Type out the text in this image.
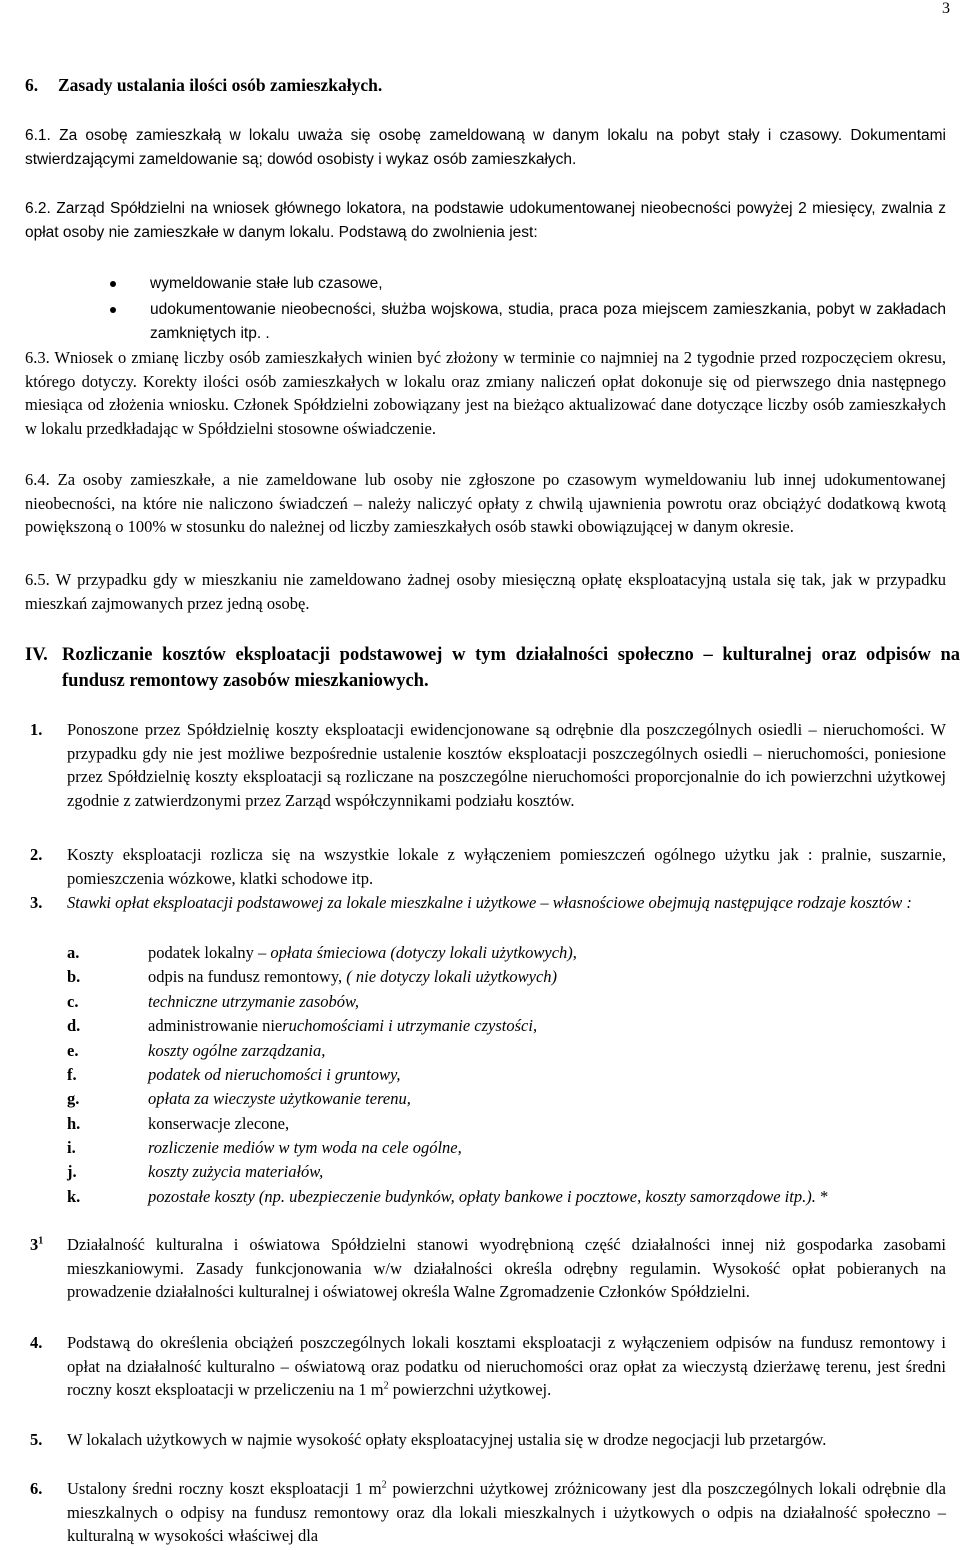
3
6. Zasady ustalania ilości osób zamieszkałych.
6.1. Za osobę zamieszkałą w lokalu uważa się osobę zameldowaną w danym lokalu na pobyt stały i czasowy. Dokumentami stwierdzającymi zameldowanie są; dowód osobisty i wykaz osób zamieszkałych.
6.2. Zarząd Spółdzielni na wniosek głównego lokatora, na podstawie udokumentowanej nieobecności powyżej 2 miesięcy, zwalnia z opłat osoby nie zamieszkałe w danym lokalu. Podstawą do zwolnienia jest:
wymeldowanie stałe lub czasowe,
udokumentowanie nieobecności, służba wojskowa, studia, praca poza miejscem zamieszkania, pobyt w zakładach zamkniętych itp. .
6.3. Wniosek o zmianę liczby osób zamieszkałych winien być złożony w terminie co najmniej na 2 tygodnie przed rozpoczęciem okresu, którego dotyczy. Korekty ilości osób zamieszkałych w lokalu oraz zmiany naliczeń opłat dokonuje się od pierwszego dnia następnego miesiąca od złożenia wniosku. Członek Spółdzielni zobowiązany jest na bieżąco aktualizować dane dotyczące liczby osób zamieszkałych w lokalu przedkładając w Spółdzielni stosowne oświadczenie.
6.4. Za osoby zamieszkałe, a nie zameldowane lub osoby nie zgłoszone po czasowym wymeldowaniu lub innej udokumentowanej nieobecności, na które nie naliczono świadczeń – należy naliczyć opłaty z chwilą ujawnienia powrotu oraz obciążyć dodatkową kwotą powiększoną o 100% w stosunku do należnej od liczby zamieszkałych osób stawki obowiązującej w danym okresie.
6.5. W przypadku gdy w mieszkaniu nie zameldowano żadnej osoby miesięczną opłatę eksploatacyjną ustala się tak, jak w przypadku mieszkań zajmowanych przez jedną osobę.
IV. Rozliczanie kosztów eksploatacji podstawowej w tym działalności społeczno – kulturalnej oraz odpisów na fundusz remontowy zasobów mieszkaniowych.
1.	Ponoszone przez Spółdzielnię koszty eksploatacji ewidencjonowane są odrębnie dla poszczególnych osiedli – nieruchomości. W przypadku gdy nie jest możliwe bezpośrednie ustalenie kosztów eksploatacji poszczególnych osiedli – nieruchomości, poniesione przez Spółdzielnię koszty eksploatacji są rozliczane na poszczególne nieruchomości proporcjonalnie do ich powierzchni użytkowej zgodnie z zatwierdzonymi przez Zarząd współczynnikami podziału kosztów.
2.	Koszty eksploatacji rozlicza się na wszystkie lokale z wyłączeniem pomieszczeń ogólnego użytku jak : pralnie, suszarnie, pomieszczenia wózkowe, klatki schodowe itp.
3.	Stawki opłat eksploatacji podstawowej za lokale mieszkalne i użytkowe – własnościowe obejmują następujące rodzaje kosztów :
a.	podatek lokalny – opłata śmieciowa (dotyczy lokali użytkowych),
b.	odpis na fundusz remontowy, ( nie dotyczy lokali użytkowych)
c.	techniczne utrzymanie zasobów,
d.	administrowanie nieruchomościami i utrzymanie czystości,
e.	koszty ogólne zarządzania,
f.	podatek od nieruchomości i gruntowy,
g.	opłata za wieczyste użytkowanie terenu,
h.	konserwacje zlecone,
i.	rozliczenie mediów w tym woda na cele ogólne,
j.	koszty zużycia materiałów,
k.	pozostałe koszty (np. ubezpieczenie budynków, opłaty bankowe i pocztowe, koszty samorządowe itp.). *
$3^1$	Działalność kulturalna i oświatowa Spółdzielni stanowi wyodrębnioną część działalności innej niż gospodarka zasobami mieszkaniowymi. Zasady funkcjonowania w/w działalności określa odrębny regulamin. Wysokość opłat pobieranych na prowadzenie działalności kulturalnej i oświatowej określa Walne Zgromadzenie Członków Spółdzielni.
4.	Podstawą do określenia obciążeń poszczególnych lokali kosztami eksploatacji z wyłączeniem odpisów na fundusz remontowy i opłat na działalność kulturalno – oświatową oraz podatku od nieruchomości oraz opłat za wieczystą dzierżawę terenu, jest średni roczny koszt eksploatacji w przeliczeniu na 1 $m^2$ powierzchni użytkowej.
5.	W lokalach użytkowych w najmie wysokość opłaty eksploatacyjnej ustalia się w drodze negocjacji lub przetargów.
6.	Ustalony średni roczny koszt eksploatacji 1 $m^2$ powierzchni użytkowej zróżnicowany jest dla poszczególnych lokali odrębnie dla mieszkalnych o odpisy na fundusz remontowy oraz dla lokali mieszkalnych i użytkowych o odpis na działalność społeczno – kulturalną w wysokości właściwej dla
